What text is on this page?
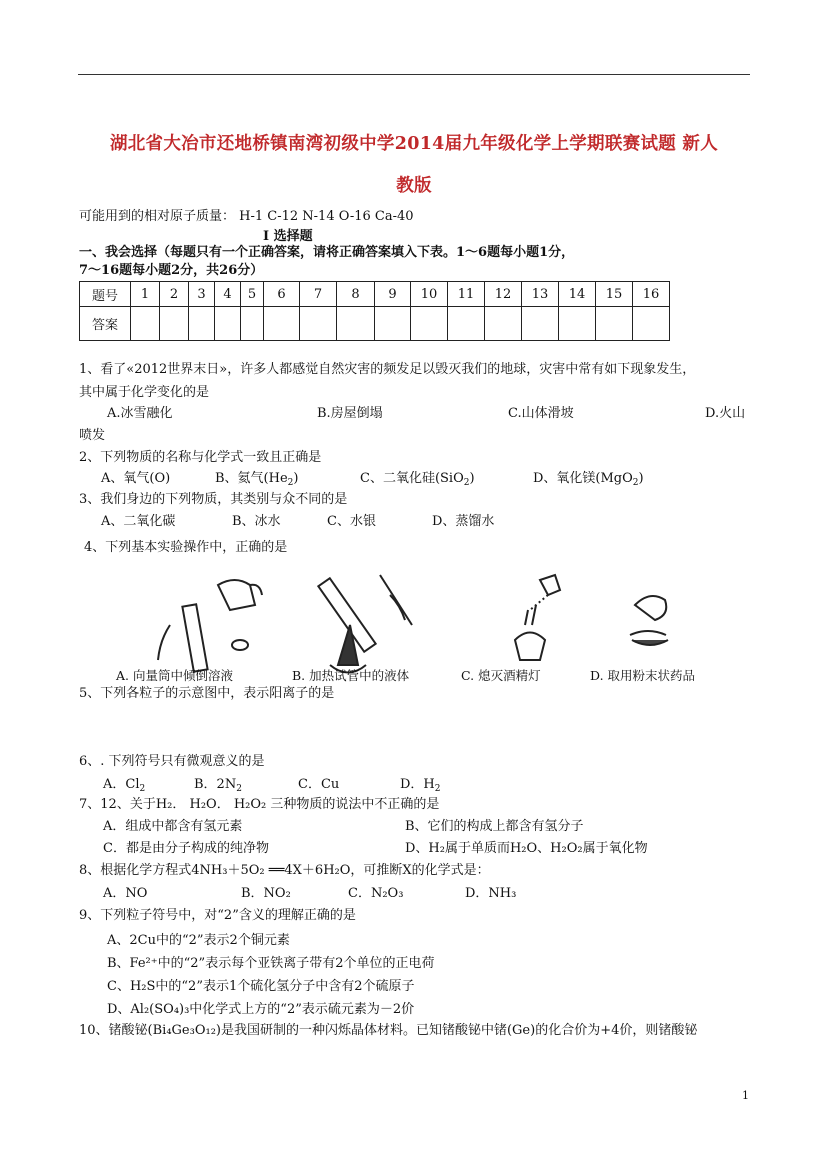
湖北省大冶市还地桥镇南湾初级中学2014届九年级化学上学期联赛试题 新人
教版
可能用到的相对原子质量： H-1 C-12 N-14 O-16 Ca-40
I 选择题
一、我会选择（每题只有一个正确答案，请将正确答案填入下表。1～6题每小题1分，
7～16题每小题2分，共26分）
题号	1	2	3	4	5	6	7	8	9	10	11	12	13	14	15	16
答案																
1、看了«2012世界末日»，许多人都感觉自然灾害的频发足以毁灭我们的地球，灾害中常有如下现象发生，
其中属于化学变化的是
A.冰雪融化	B.房屋倒塌	C.山体滑坡	D.火山
喷发
2、下列物质的名称与化学式一致且正确是
A、氧气(O)	B、氦气$(He_2)$	C、二氧化硅(SiO$_2$)	D、氧化镁(MgO$_2$)
3、我们身边的下列物质，其类别与众不同的是
A、二氧化碳	B、冰水	C、水银	D、蒸馏水
4、下列基本实验操作中，正确的是
A. 向量筒中倾倒溶液	B. 加热试管中的液体	C. 熄灭酒精灯	D. 取用粉末状药品
5、下列各粒子的示意图中，表示阳离子的是
6、. 下列符号只有微观意义的是
A．$Cl_2$	B．$2N_2$	C．Cu	D．$H_2$
7、12、关于H₂． H₂O． H₂O₂ 三种物质的说法中不正确的是
A．组成中都含有氢元素	B、它们的构成上都含有氢分子
C．都是由分子构成的纯净物	D、H₂属于单质而H₂O、H₂O₂属于氧化物
8、根据化学方程式4NH₃＋5O₂ ══4X＋6H₂O，可推断X的化学式是：
A．NO	B．NO₂	C．N₂O₃	D．NH₃
9、下列粒子符号中，对“2”含义的理解正确的是
A、2Cu中的“2”表示2个铜元素
B、Fe²⁺中的“2”表示每个亚铁离子带有2个单位的正电荷
C、H₂S中的“2”表示1个硫化氢分子中含有2个硫原子
D、Al₂(SO₄)₃中化学式上方的“2”表示硫元素为－2价
10、锗酸铋(Bi₄Ge₃O₁₂)是我国研制的一种闪烁晶体材料。已知锗酸铋中锗(Ge)的化合价为+4价，则锗酸铋
1
